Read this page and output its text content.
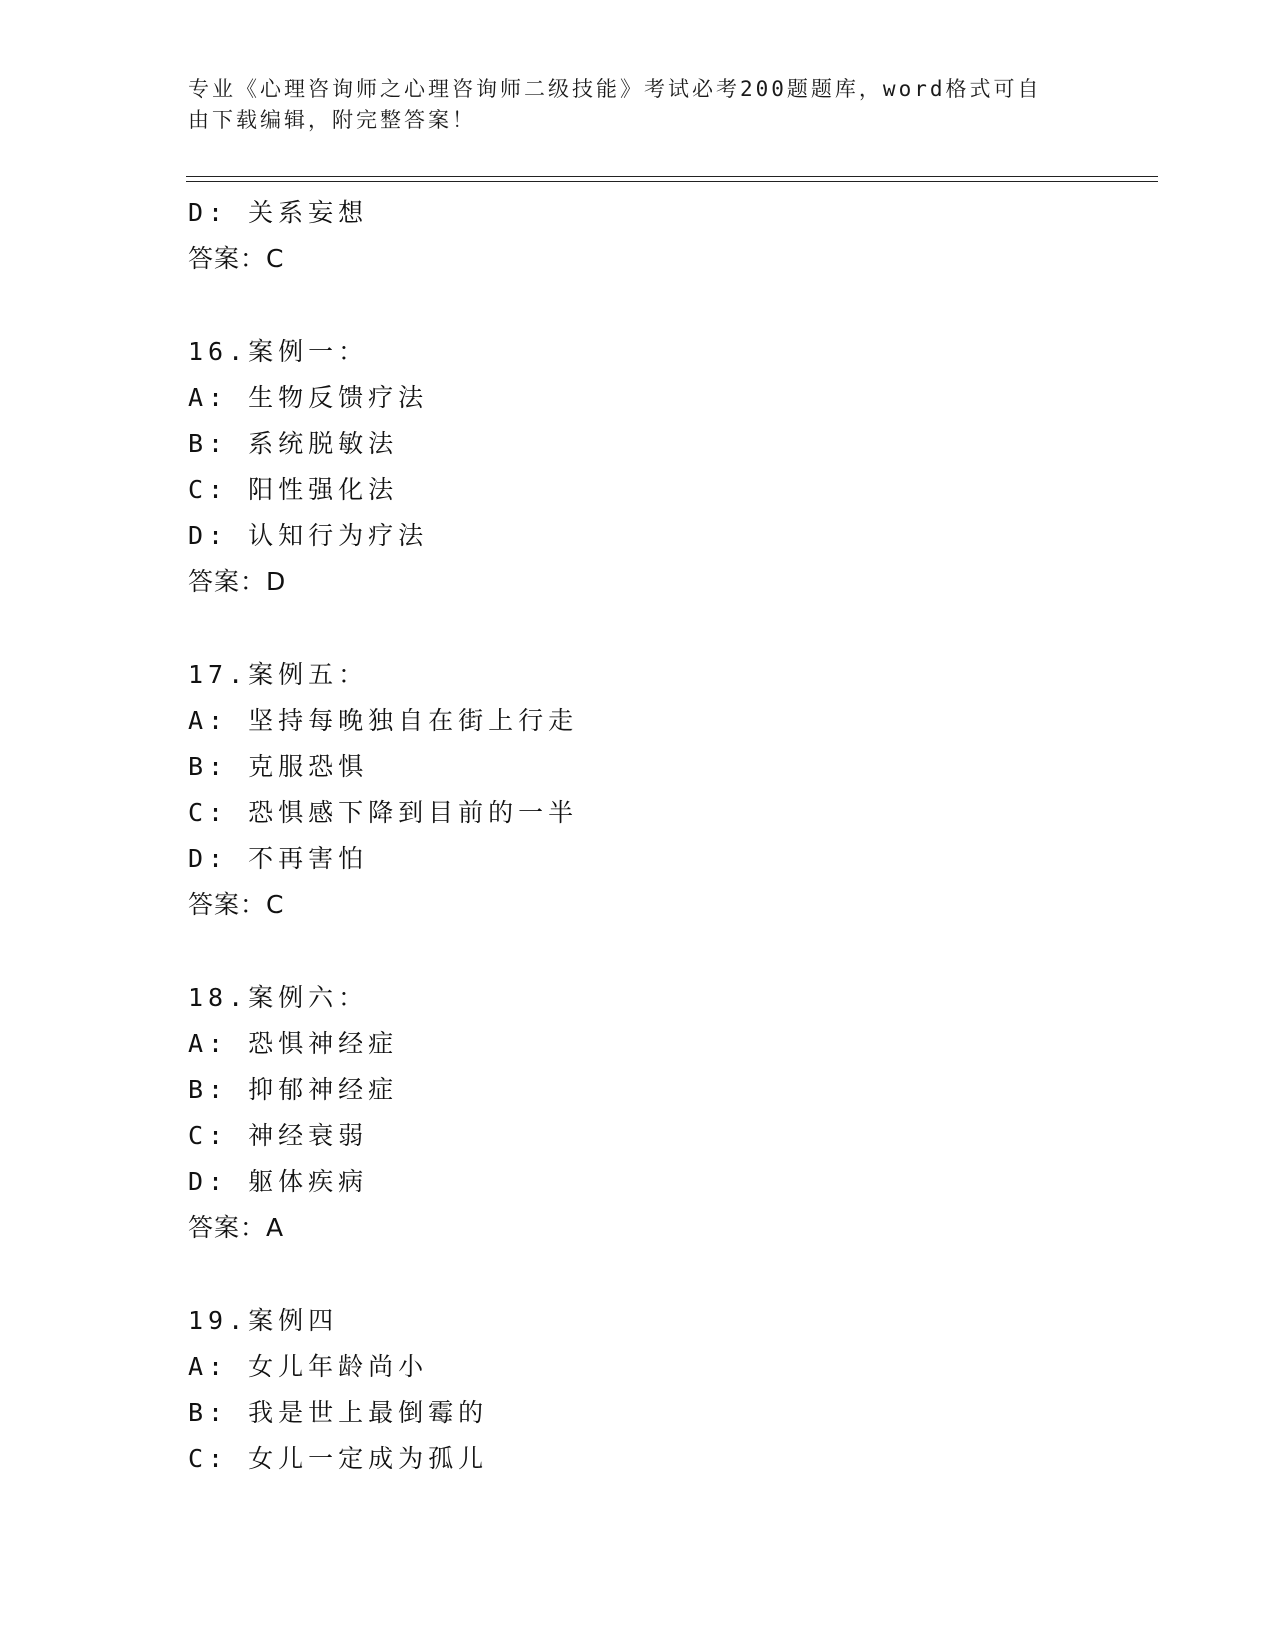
专业《心理咨询师之心理咨询师二级技能》考试必考200题题库，word格式可自
由下载编辑，附完整答案！
D: 关系妄想
答案：C
16.案例一：
A: 生物反馈疗法
B: 系统脱敏法
C: 阳性强化法
D: 认知行为疗法
答案：D
17.案例五：
A: 坚持每晚独自在街上行走
B: 克服恐惧
C: 恐惧感下降到目前的一半
D: 不再害怕
答案：C
18.案例六：
A: 恐惧神经症
B: 抑郁神经症
C: 神经衰弱
D: 躯体疾病
答案：A
19.案例四
A: 女儿年龄尚小
B: 我是世上最倒霉的
C: 女儿一定成为孤儿
